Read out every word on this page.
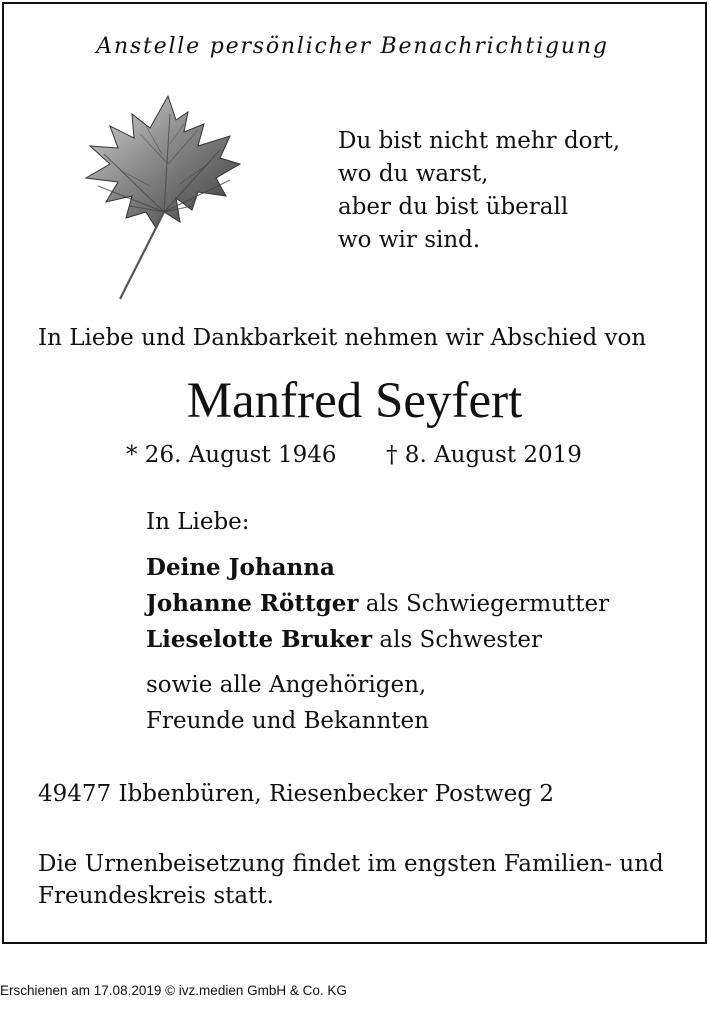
Anstelle persönlicher Benachrichtigung
Du bist nicht mehr dort,
wo du warst,
aber du bist überall
wo wir sind.
In Liebe und Dankbarkeit nehmen wir Abschied von
Manfred Seyfert
* 26. August 1946 † 8. August 2019
In Liebe:
Deine Johanna
Johanne Röttger als Schwiegermutter
Lieselotte Bruker als Schwester
sowie alle Angehörigen,
Freunde und Bekannten
49477 Ibbenbüren, Riesenbecker Postweg 2
Die Urnenbeisetzung findet im engsten Familien- und
Freundeskreis statt.
Erschienen am 17.08.2019 © ivz.medien GmbH & Co. KG
